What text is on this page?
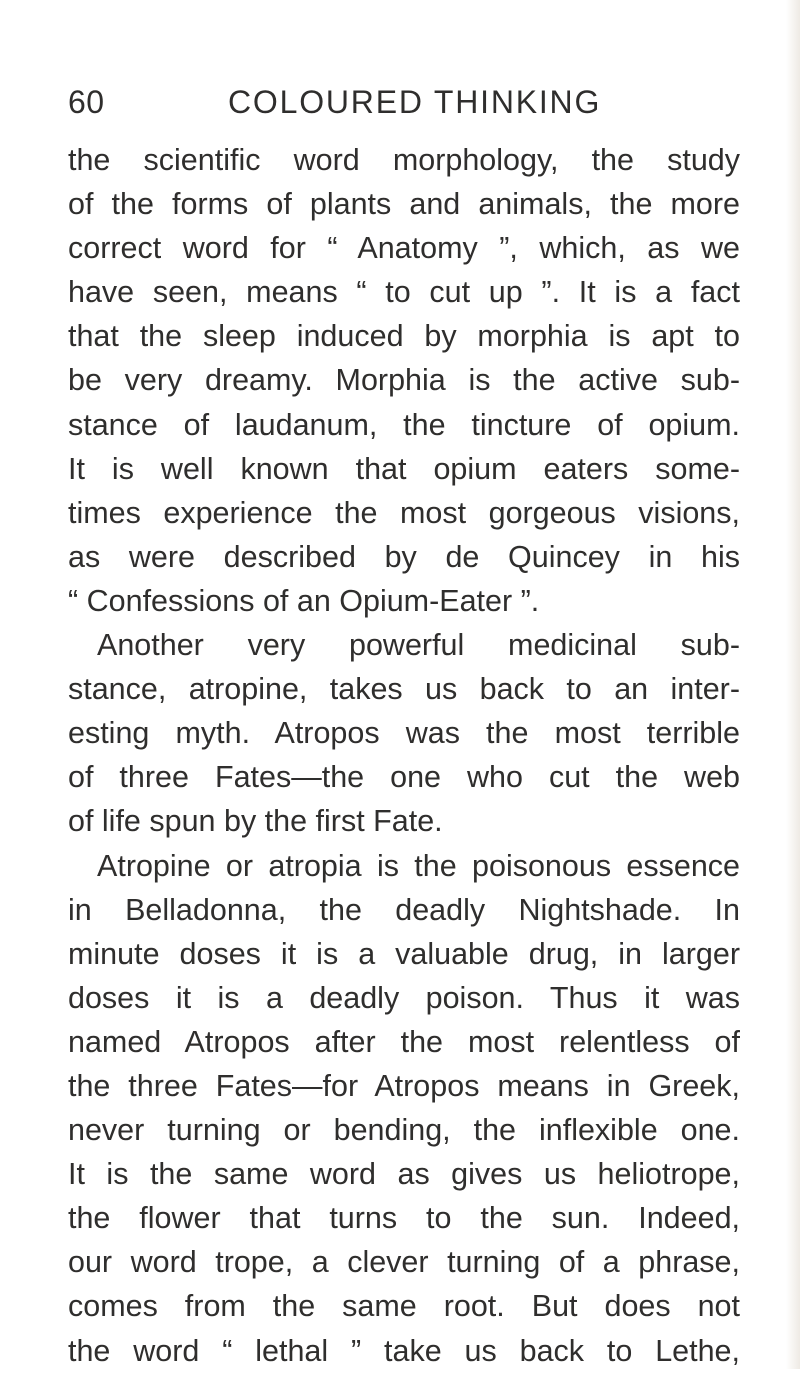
60	COLOURED THINKING
the scientific word morphology, the study
of the forms of plants and animals, the more
correct word for “ Anatomy ”, which, as we
have seen, means “ to cut up ”. It is a fact
that the sleep induced by morphia is apt to
be very dreamy. Morphia is the active sub-
stance of laudanum, the tincture of opium.
It is well known that opium eaters some-
times experience the most gorgeous visions,
as were described by de Quincey in his
“ Confessions of an Opium-Eater ”.
Another very powerful medicinal sub-
stance, atropine, takes us back to an inter-
esting myth. Atropos was the most terrible
of three Fates—the one who cut the web
of life spun by the first Fate.
Atropine or atropia is the poisonous essence
in Belladonna, the deadly Nightshade. In
minute doses it is a valuable drug, in larger
doses it is a deadly poison. Thus it was
named Atropos after the most relentless of
the three Fates—for Atropos means in Greek,
never turning or bending, the inflexible one.
It is the same word as gives us heliotrope,
the flower that turns to the sun. Indeed,
our word trope, a clever turning of a phrase,
comes from the same root. But does not
the word “ lethal ” take us back to Lethe,
